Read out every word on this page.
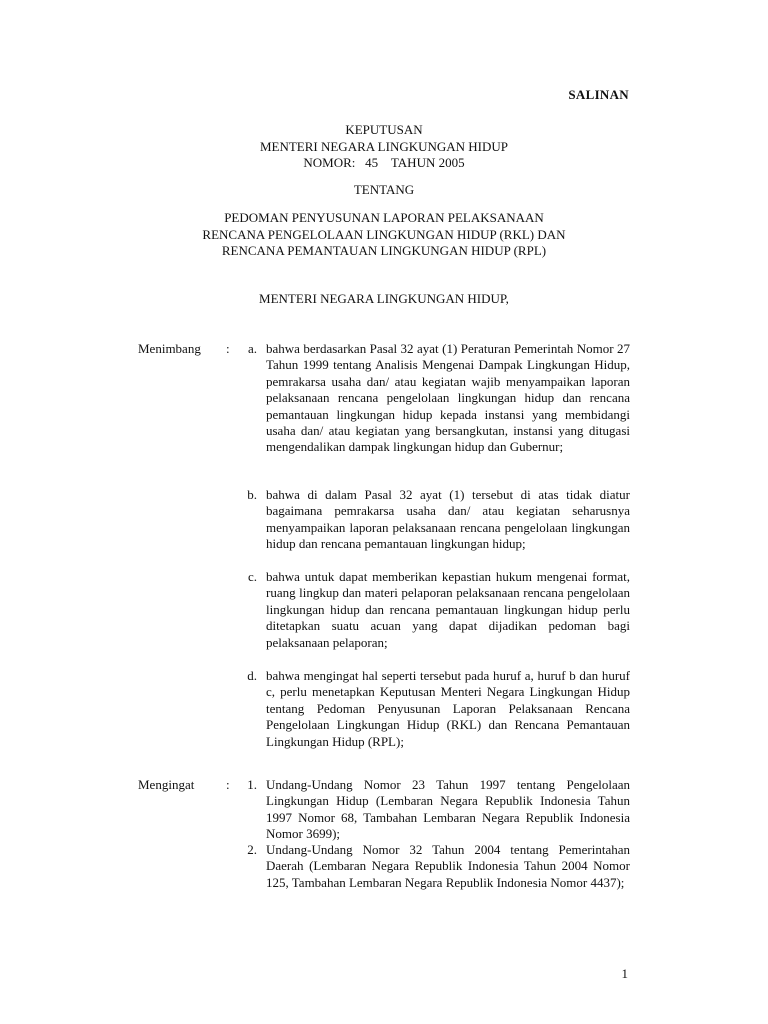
SALINAN
KEPUTUSAN
MENTERI NEGARA LINGKUNGAN HIDUP
NOMOR:   45    TAHUN 2005
TENTANG
PEDOMAN PENYUSUNAN LAPORAN PELAKSANAAN
RENCANA PENGELOLAAN LINGKUNGAN HIDUP (RKL) DAN
RENCANA PEMANTAUAN LINGKUNGAN HIDUP (RPL)
MENTERI NEGARA LINGKUNGAN HIDUP,
Menimbang : a. bahwa berdasarkan Pasal 32 ayat (1) Peraturan Pemerintah Nomor 27 Tahun 1999 tentang Analisis Mengenai Dampak Lingkungan Hidup, pemrakarsa usaha dan/ atau kegiatan wajib menyampaikan laporan pelaksanaan rencana pengelolaan lingkungan hidup dan rencana pemantauan lingkungan hidup kepada instansi yang membidangi usaha dan/ atau kegiatan yang bersangkutan, instansi yang ditugasi mengendalikan dampak lingkungan hidup dan Gubernur;
b. bahwa di dalam Pasal 32 ayat (1) tersebut di atas tidak diatur bagaimana pemrakarsa usaha dan/ atau kegiatan seharusnya menyampaikan laporan pelaksanaan rencana pengelolaan lingkungan hidup dan rencana pemantauan lingkungan hidup;
c. bahwa untuk dapat memberikan kepastian hukum mengenai format, ruang lingkup dan materi pelaporan pelaksanaan rencana pengelolaan lingkungan hidup dan rencana pemantauan lingkungan hidup perlu ditetapkan suatu acuan yang dapat dijadikan pedoman bagi pelaksanaan pelaporan;
d. bahwa mengingat hal seperti tersebut pada huruf a, huruf b dan huruf c, perlu menetapkan Keputusan Menteri Negara Lingkungan Hidup tentang Pedoman Penyusunan Laporan Pelaksanaan Rencana Pengelolaan Lingkungan Hidup (RKL) dan Rencana Pemantauan Lingkungan Hidup (RPL);
Mengingat : 1. Undang-Undang Nomor 23 Tahun 1997 tentang Pengelolaan Lingkungan Hidup (Lembaran Negara Republik Indonesia Tahun 1997 Nomor 68, Tambahan Lembaran Negara Republik Indonesia Nomor 3699);
2. Undang-Undang Nomor 32 Tahun 2004 tentang Pemerintahan Daerah (Lembaran Negara Republik Indonesia Tahun 2004 Nomor 125, Tambahan Lembaran Negara Republik Indonesia Nomor 4437);
1
